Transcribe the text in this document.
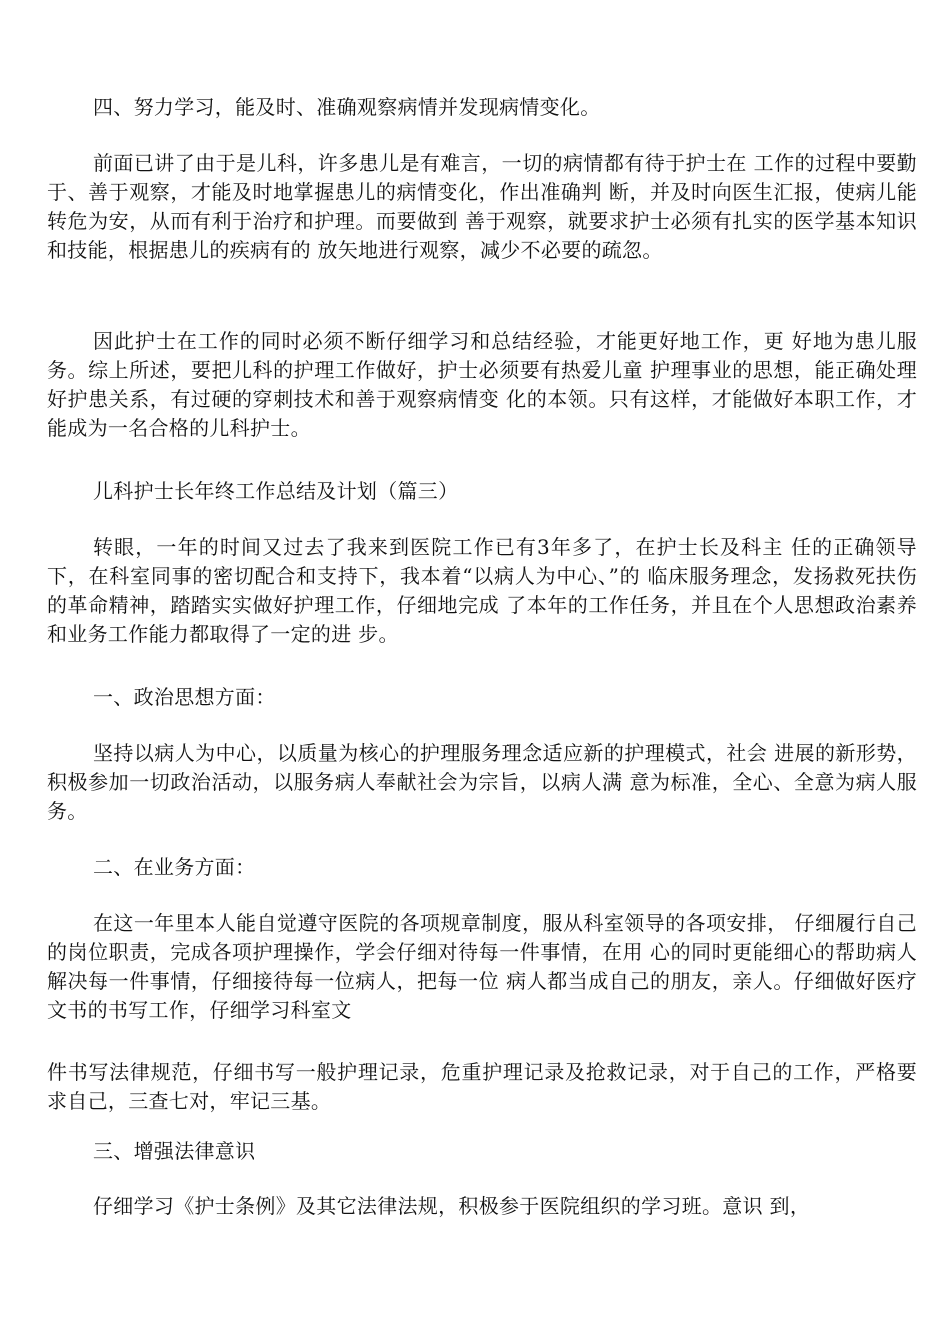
四、努力学习，能及时、准确观察病情并发现病情变化。
前面已讲了由于是儿科，许多患儿是有难言，一切的病情都有待于护士在 工作的过程中要勤于、善于观察，才能及时地掌握患儿的病情变化，作出准确判 断，并及时向医生汇报，使病儿能转危为安，从而有利于治疗和护理。而要做到 善于观察，就要求护士必须有扎实的医学基本知识和技能，根据患儿的疾病有的 放矢地进行观察，减少不必要的疏忽。
因此护士在工作的同时必须不断仔细学习和总结经验，才能更好地工作，更 好地为患儿服务。综上所述，要把儿科的护理工作做好，护士必须要有热爱儿童 护理事业的思想，能正确处理好护患关系，有过硬的穿刺技术和善于观察病情变 化的本领。只有这样，才能做好本职工作，才能成为一名合格的儿科护士。
儿科护士长年终工作总结及计划（篇三）
转眼，一年的时间又过去了我来到医院工作已有3年多了，在护士长及科主 任的正确领导下，在科室同事的密切配合和支持下，我本着“以病人为中心、”的 临床服务理念，发扬救死扶伤的革命精神，踏踏实实做好护理工作，仔细地完成 了本年的工作任务，并且在个人思想政治素养和业务工作能力都取得了一定的进 步。
一、政治思想方面：
坚持以病人为中心，以质量为核心的护理服务理念适应新的护理模式，社会 进展的新形势，积极参加一切政治活动，以服务病人奉献社会为宗旨，以病人满 意为标准，全心、全意为病人服务。
二、在业务方面：
在这一年里本人能自觉遵守医院的各项规章制度，服从科室领导的各项安排， 仔细履行自己的岗位职责，完成各项护理操作，学会仔细对待每一件事情，在用 心的同时更能细心的帮助病人解决每一件事情，仔细接待每一位病人，把每一位 病人都当成自己的朋友，亲人。仔细做好医疗文书的书写工作，仔细学习科室文
件书写法律规范，仔细书写一般护理记录，危重护理记录及抢救记录，对于自己的工作，严格要求自己，三查七对，牢记三基。
三、增强法律意识
仔细学习《护士条例》及其它法律法规，积极参于医院组织的学习班。意识 到，
